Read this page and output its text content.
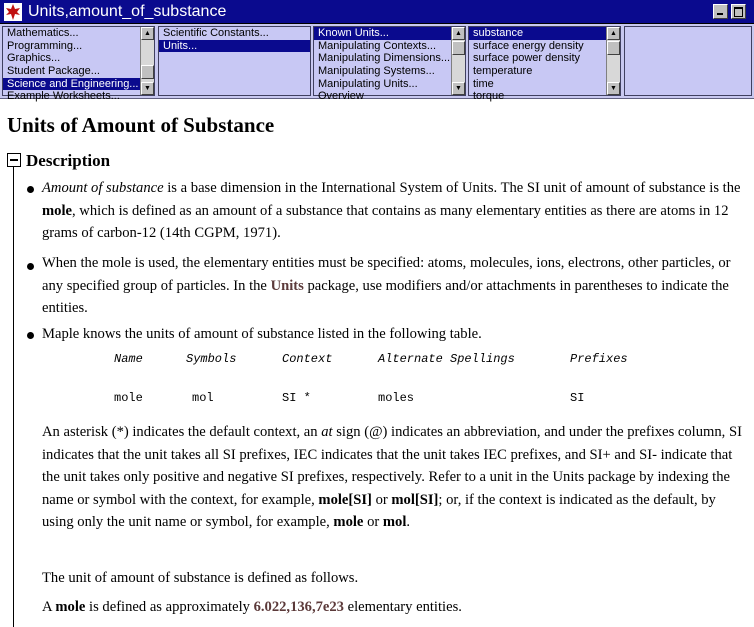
Units,amount_of_substance
Mathematics...
Programming...
Graphics...
Student Package...
Science and Engineering...
Example Worksheets...
▲
▼
Scientific Constants...
Units...
Known Units...
Manipulating Contexts...
Manipulating Dimensions...
Manipulating Systems...
Manipulating Units...
Overview
▲
▼
substance
surface energy density
surface power density
temperature
time
torque
▲
▼
Units of Amount of Substance
Description
Amount of substance is a base dimension in the International System of Units. The SI unit of amount of substance is the mole, which is defined as an amount of a substance that contains as many elementary entities as there are atoms in 12 grams of carbon-12 (14th CGPM, 1971).
When the mole is used, the elementary entities must be specified: atoms, molecules, ions, electrons, other particles, or any specified group of particles. In the Units package, use modifiers and/or attachments in parentheses to indicate the entities.
Maple knows the units of amount of substance listed in the following table.
Name	Symbols	Context	Alternate Spellings	Prefixes
mole	mol	SI *	moles	SI
An asterisk (*) indicates the default context, an at sign (@) indicates an abbreviation, and under the prefixes column, SI indicates that the unit takes all SI prefixes, IEC indicates that the unit takes IEC prefixes, and SI+ and SI- indicate that the unit takes only positive and negative SI prefixes, respectively. Refer to a unit in the Units package by indexing the name or symbol with the context, for example, mole[SI] or mol[SI]; or, if the context is indicated as the default, by using only the unit name or symbol, for example, mole or mol.
The unit of amount of substance is defined as follows.
A mole is defined as approximately 6.022,136,7e23 elementary entities.
